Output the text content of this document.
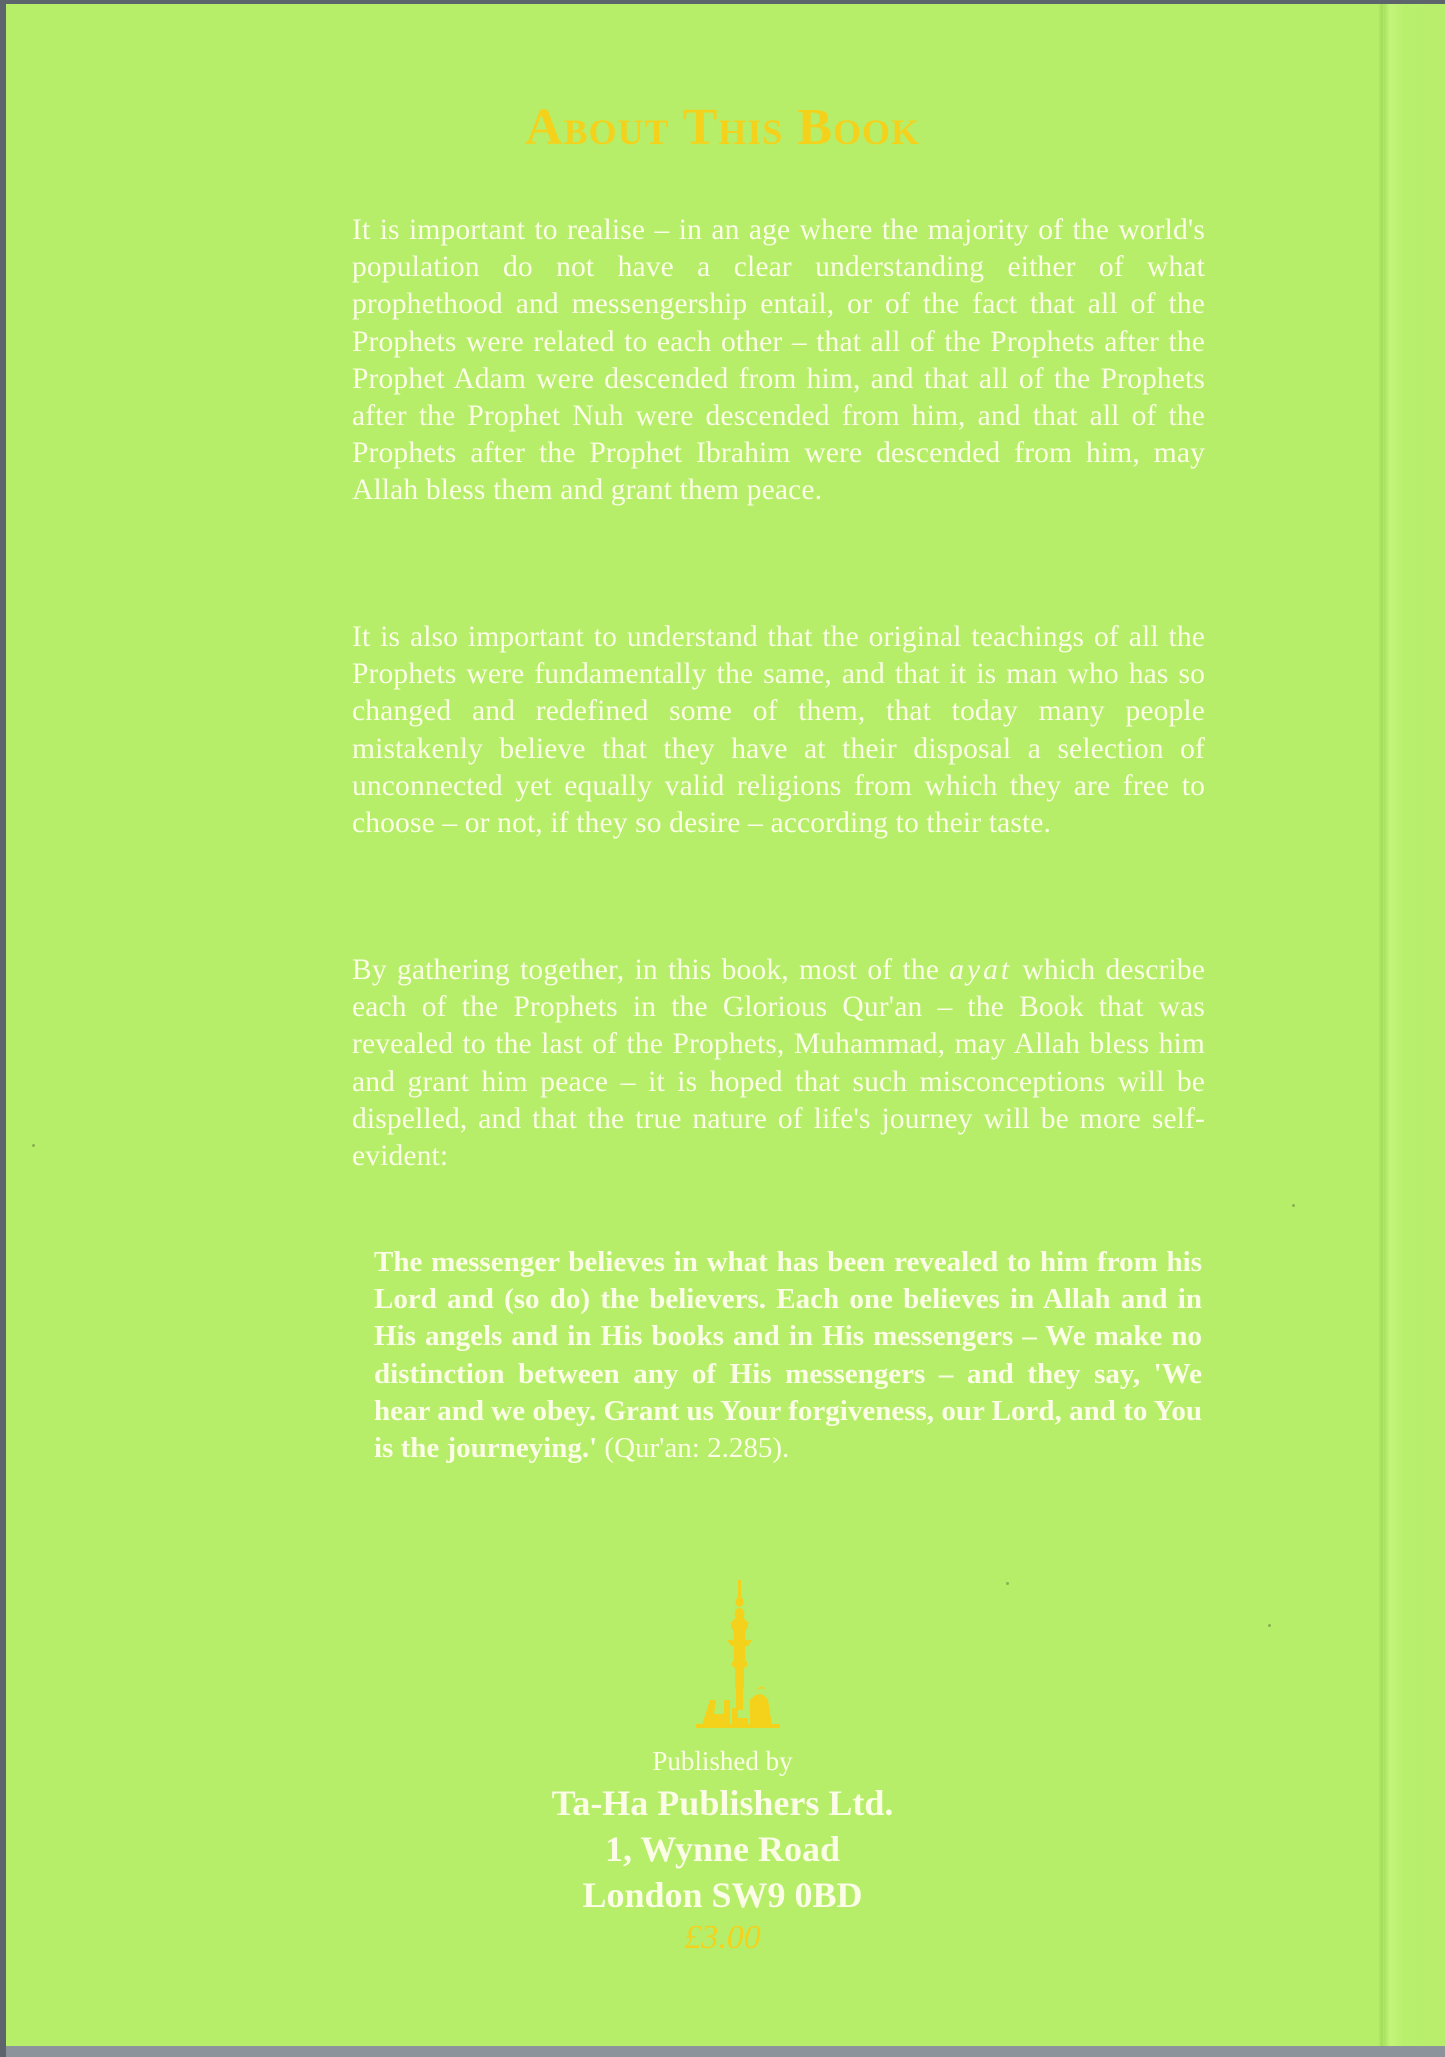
About This Book

It is important to realise – in an age where the majority of the world's population do not have a clear understanding either of what prophethood and messengership entail, or of the fact that all of the Prophets were related to each other – that all of the Prophets after the Prophet Adam were descended from him, and that all of the Prophets after the Prophet Nuh were descended from him, and that all of the Prophets after the Prophet Ibrahim were descended from him, may Allah bless them and grant them peace.

It is also important to understand that the original teachings of all the Prophets were fundamentally the same, and that it is man who has so changed and redefined some of them, that today many people mistakenly believe that they have at their disposal a selection of unconnected yet equally valid religions from which they are free to choose – or not, if they so desire – according to their taste.

By gathering together, in this book, most of the ayat which describe each of the Prophets in the Glorious Qur'an – the Book that was revealed to the last of the Prophets, Muhammad, may Allah bless him and grant him peace – it is hoped that such misconceptions will be dispelled, and that the true nature of life's journey will be more self-evident:

The messenger believes in what has been revealed to him from his Lord and (so do) the believers. Each one believes in Allah and in His angels and in His books and in His messengers – We make no distinction between any of His messengers – and they say, 'We hear and we obey. Grant us Your forgiveness, our Lord, and to You is the journeying.' (Qur'an: 2.285).

Published by
Ta-Ha Publishers Ltd.
1, Wynne Road
London SW9 0BD
£3.00
